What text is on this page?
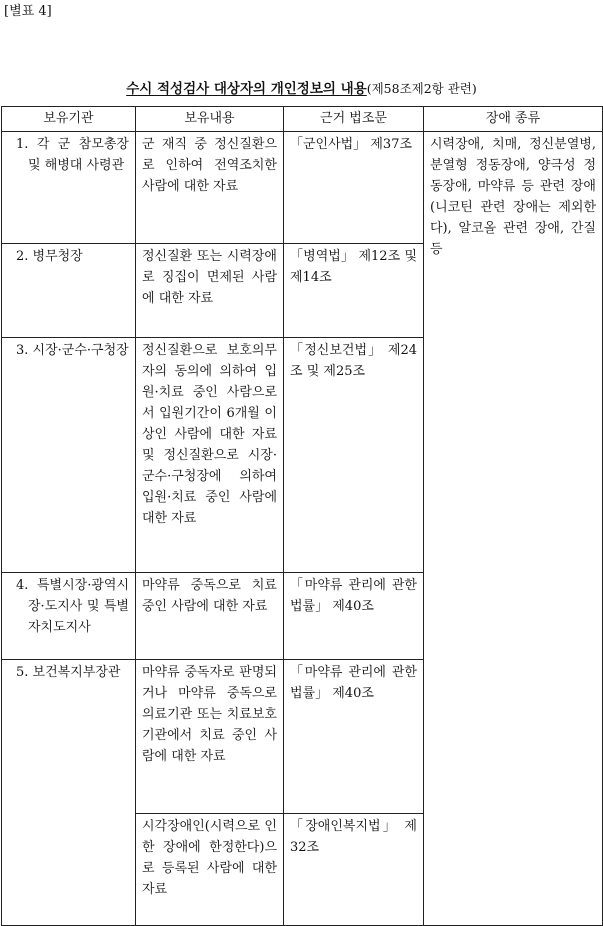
[별표 4]
수시 적성검사 대상자의 개인정보의 내용(제58조제2항 관련)
보유기관	보유내용	근거 법조문	장애 종류

1. 각 군 참모총장 및 해병대 사령관	군 재직 중 정신질환으로 인하여 전역조치한 사람에 대한 자료	「군인사법」 제37조	시력장애, 치매, 정신분열병, 분열형 정동장애, 양극성 정동장애, 마약류 등 관련 장애(니코틴 관련 장애는 제외한다), 알코올 관련 장애, 간질 등

2. 병무청장	정신질환 또는 시력장애로 징집이 면제된 사람에 대한 자료	「병역법」 제12조 및 제14조	

3. 시장·군수·구청장	정신질환으로 보호의무자의 동의에 의하여 입원·치료 중인 사람으로서 입원기간이 6개월 이상인 사람에 대한 자료 및 정신질환으로 시장·군수·구청장에 의하여 입원·치료 중인 사람에 대한 자료	「정신보건법」 제24조 및 제25조	

4. 특별시장·광역시장·도지사 및 특별자치도지사	마약류 중독으로 치료 중인 사람에 대한 자료	「마약류 관리에 관한 법률」 제40조	

5. 보건복지부장관	마약류 중독자로 판명되거나 마약류 중독으로 의료기관 또는 치료보호기관에서 치료 중인 사람에 대한 자료	「마약류 관리에 관한 법률」 제40조	
	시각장애인(시력으로 인한 장애에 한정한다)으로 등록된 사람에 대한 자료	「장애인복지법」 제32조	
